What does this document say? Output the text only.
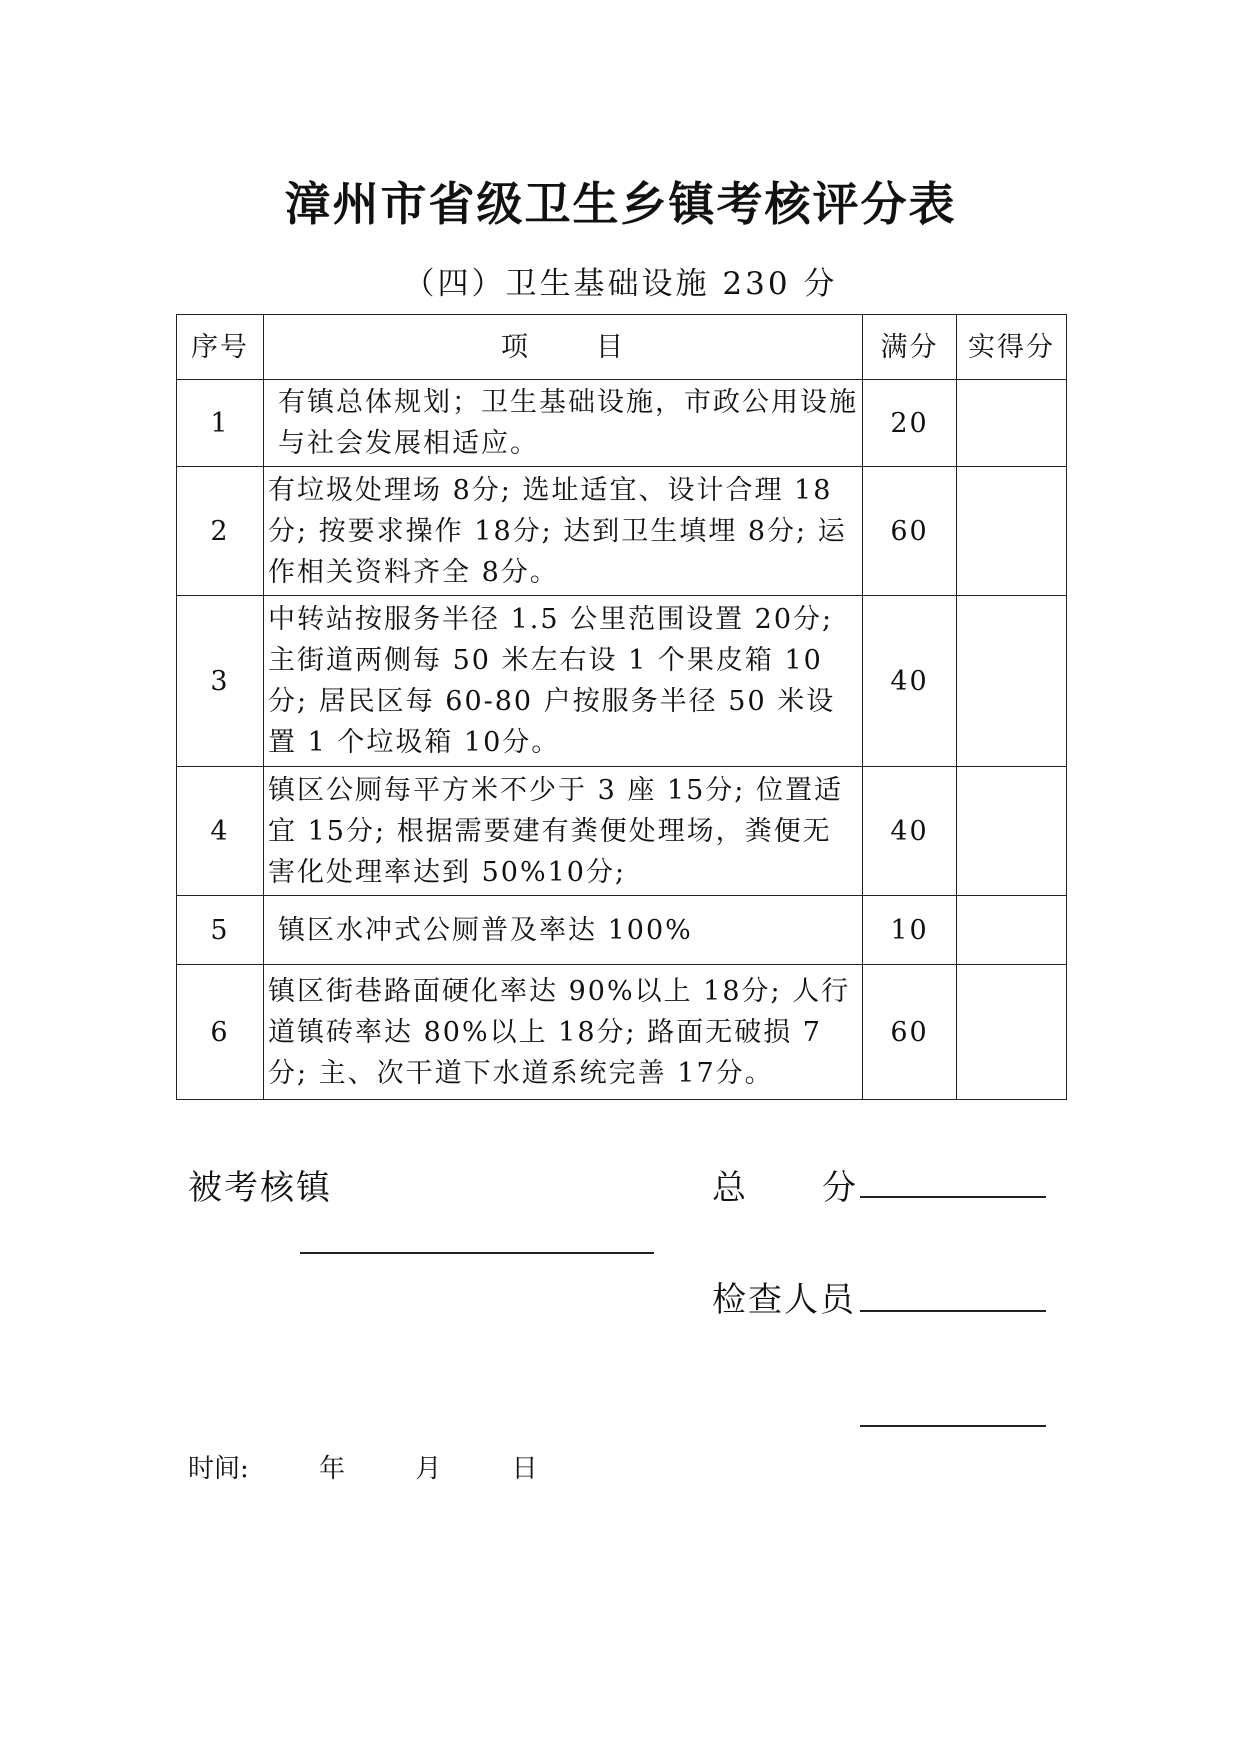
漳州市省级卫生乡镇考核评分表
（四）卫生基础设施 230 分
序号	项 目	满分	实得分
1	有镇总体规划；卫生基础设施，市政公用设施与社会发展相适应。	20	
2	有垃圾处理场 8分; 选址适宜、设计合理 18分; 按要求操作 18分; 达到卫生填埋 8分; 运作相关资料齐全 8分。	60	
3	中转站按服务半径 1.5 公里范围设置 20分; 主街道两侧每 50 米左右设 1 个果皮箱 10分; 居民区每 60-80 户按服务半径 50 米设置 1 个垃圾箱 10分。	40	
4	镇区公厕每平方米不少于 3 座 15分; 位置适宜 15分; 根据需要建有粪便处理场，粪便无害化处理率达到 50%10分;	40	
5	镇区水冲式公厕普及率达 100%	10	
6	镇区街巷路面硬化率达 90%以上 18分; 人行道镇砖率达 80%以上 18分; 路面无破损 7分; 主、次干道下水道系统完善 17分。	60	
被考核镇	总 分
检查人员
时间:	年	月	日
